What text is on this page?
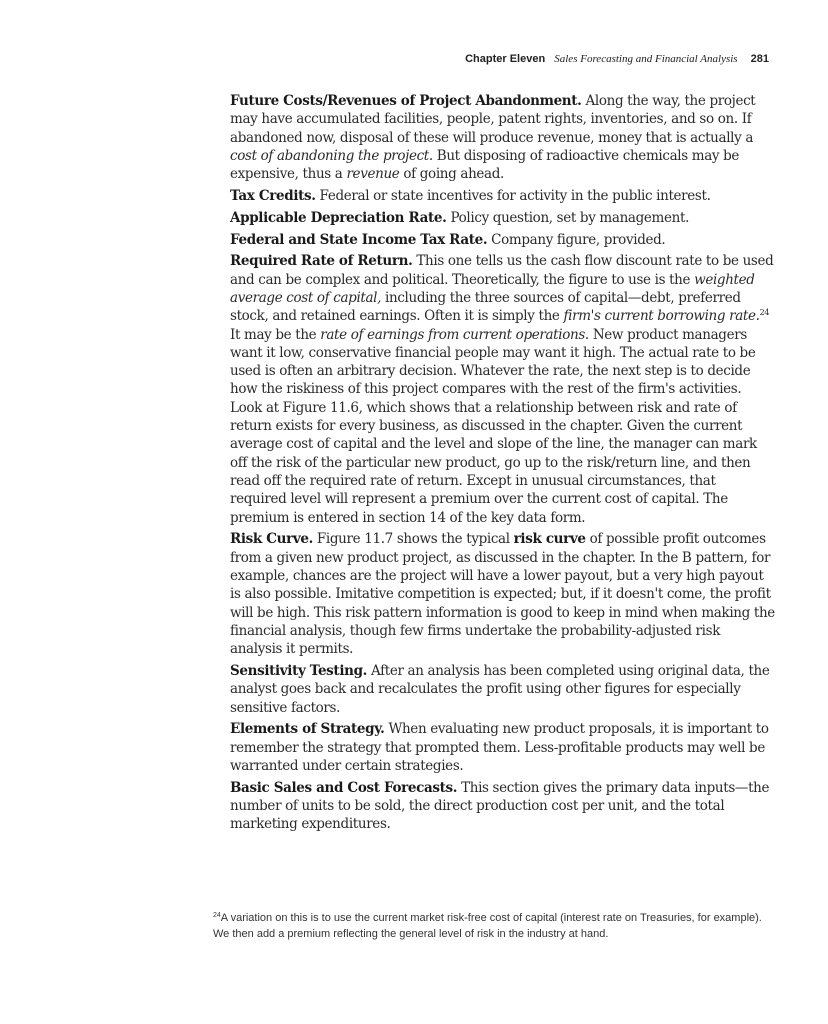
Chapter Eleven Sales Forecasting and Financial Analysis 281

Future Costs/Revenues of Project Abandonment. Along the way, the project may have accumulated facilities, people, patent rights, inventories, and so on. If abandoned now, disposal of these will produce revenue, money that is actually a cost of abandoning the project. But disposing of radioactive chemicals may be expensive, thus a revenue of going ahead.

Tax Credits. Federal or state incentives for activity in the public interest.

Applicable Depreciation Rate. Policy question, set by management.

Federal and State Income Tax Rate. Company figure, provided.

Required Rate of Return. This one tells us the cash flow discount rate to be used and can be complex and political. Theoretically, the figure to use is the weighted average cost of capital, including the three sources of capital—debt, preferred stock, and retained earnings. Often it is simply the firm's current borrowing rate.$^{24}$ It may be the rate of earnings from current operations. New product managers want it low, conservative financial people may want it high. The actual rate to be used is often an arbitrary decision. Whatever the rate, the next step is to decide how the riskiness of this project compares with the rest of the firm's activities. Look at Figure 11.6, which shows that a relationship between risk and rate of return exists for every business, as discussed in the chapter. Given the current average cost of capital and the level and slope of the line, the manager can mark off the risk of the particular new product, go up to the risk/return line, and then read off the required rate of return. Except in unusual circumstances, that required level will represent a premium over the current cost of capital. The premium is entered in section 14 of the key data form.

Risk Curve. Figure 11.7 shows the typical risk curve of possible profit outcomes from a given new product project, as discussed in the chapter. In the B pattern, for example, chances are the project will have a lower payout, but a very high payout is also possible. Imitative competition is expected; but, if it doesn't come, the profit will be high. This risk pattern information is good to keep in mind when making the financial analysis, though few firms undertake the probability-adjusted risk analysis it permits.

Sensitivity Testing. After an analysis has been completed using original data, the analyst goes back and recalculates the profit using other figures for especially sensitive factors.

Elements of Strategy. When evaluating new product proposals, it is important to remember the strategy that prompted them. Less-profitable products may well be warranted under certain strategies.

Basic Sales and Cost Forecasts. This section gives the primary data inputs—the number of units to be sold, the direct production cost per unit, and the total marketing expenditures.

$^{24}$A variation on this is to use the current market risk-free cost of capital (interest rate on Treasuries, for example). We then add a premium reflecting the general level of risk in the industry at hand.
